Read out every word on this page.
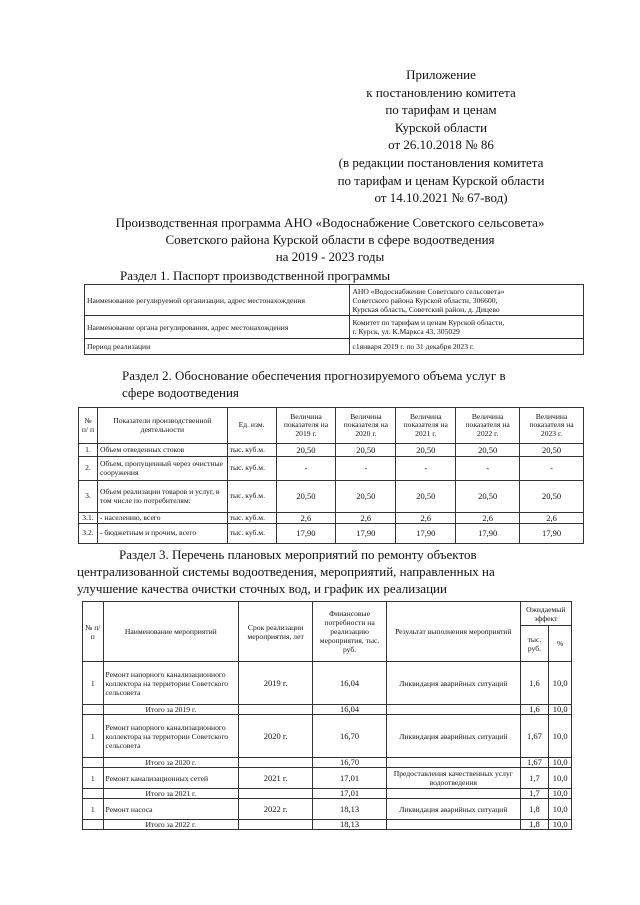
Приложение
к постановлению комитета
по тарифам и ценам
Курской области
от 26.10.2018 № 86
(в редакции постановления комитета
по тарифам и ценам Курской области
от 14.10.2021 № 67-вод)
Производственная программа АНО «Водоснабжение Советского сельсовета»
Советского района Курской области в сфере водоотведения
на 2019 - 2023 годы
Раздел 1. Паспорт производственной программы
Наименование регулируемой организации, адрес местонахождения	АНО «Водоснабжение Советского сельсовета»
Советского района Курской области, 306600,
Курская область, Советский район, д. Дицево

Наименование органа регулирования, адрес местонахождения	Комитет по тарифам и ценам Курской области,
г. Курск, ул. К.Маркса 43, 305029

Период реализации	с1января 2019 г. по 31 декабря 2023 г.
Раздел 2. Обоснование обеспечения прогнозируемого объема услуг в
сфере водоотведения
№ п/ п	Показатели производственной деятельности	Ед. изм.	Величина показателя на 2019 г.	Величина показателя на 2020 г.	Величина показателя на 2021 г.	Величина показателя на 2022 г.	Величина показателя на 2023 г.
1.	Объем отведенных стоков	тыс. куб.м.	20,50	20,50	20,50	20,50	20,50
2.	Объем, пропущенный через очистные сооружения	тыс. куб.м.	-	-	-	-	-
3.	Объем реализации товаров и услуг, в том числе по потребителям:	тыс. куб.м.	20,50	20,50	20,50	20,50	20,50
3.1.	- населению, всего	тыс. куб.м.	2,6	2,6	2,6	2,6	2,6
3.2.	- бюджетным и прочим, всего	тыс. куб.м.	17,90	17,90	17,90	17,90	17,90
Раздел 3. Перечень плановых мероприятий по ремонту объектов
централизованной системы водоотведения, мероприятий, направленных на
улучшение качества очистки сточных вод, и график их реализации
№ п/ п	Наименование мероприятий	Срок реализации мероприятия, лет	Финансовые потребности на реализацию мероприятия, тыс. руб.	Результат выполнения мероприятий	Ожидаемый эффект	
					тыс. руб.	%
1	Ремонт напорного канализационного коллектора на территории Советского сельсовета	2019 г.	16,04	Ликвидация аварийных ситуаций	1,6	10,0
	Итого за 2019 г.		16,04		1,6	10,0
1	Ремонт напорного канализационного коллектора на территории Советского сельсовета	2020 г.	16,70	Ликвидация аварийных ситуаций	1,67	10,0
	Итого за 2020 г.		16,70		1,67	10,0
1	Ремонт канализационных сетей	2021 г.	17,01	Предоставления качественных услуг водоотведения	1,7	10,0
	Итого за 2021 г.		17,01		1,7	10,0
1	Ремонт насоса	2022 г.	18,13	Ликвидация аварийных ситуаций	1,8	10,0
	Итого за 2022 г.		18,13		1,8	10,0
